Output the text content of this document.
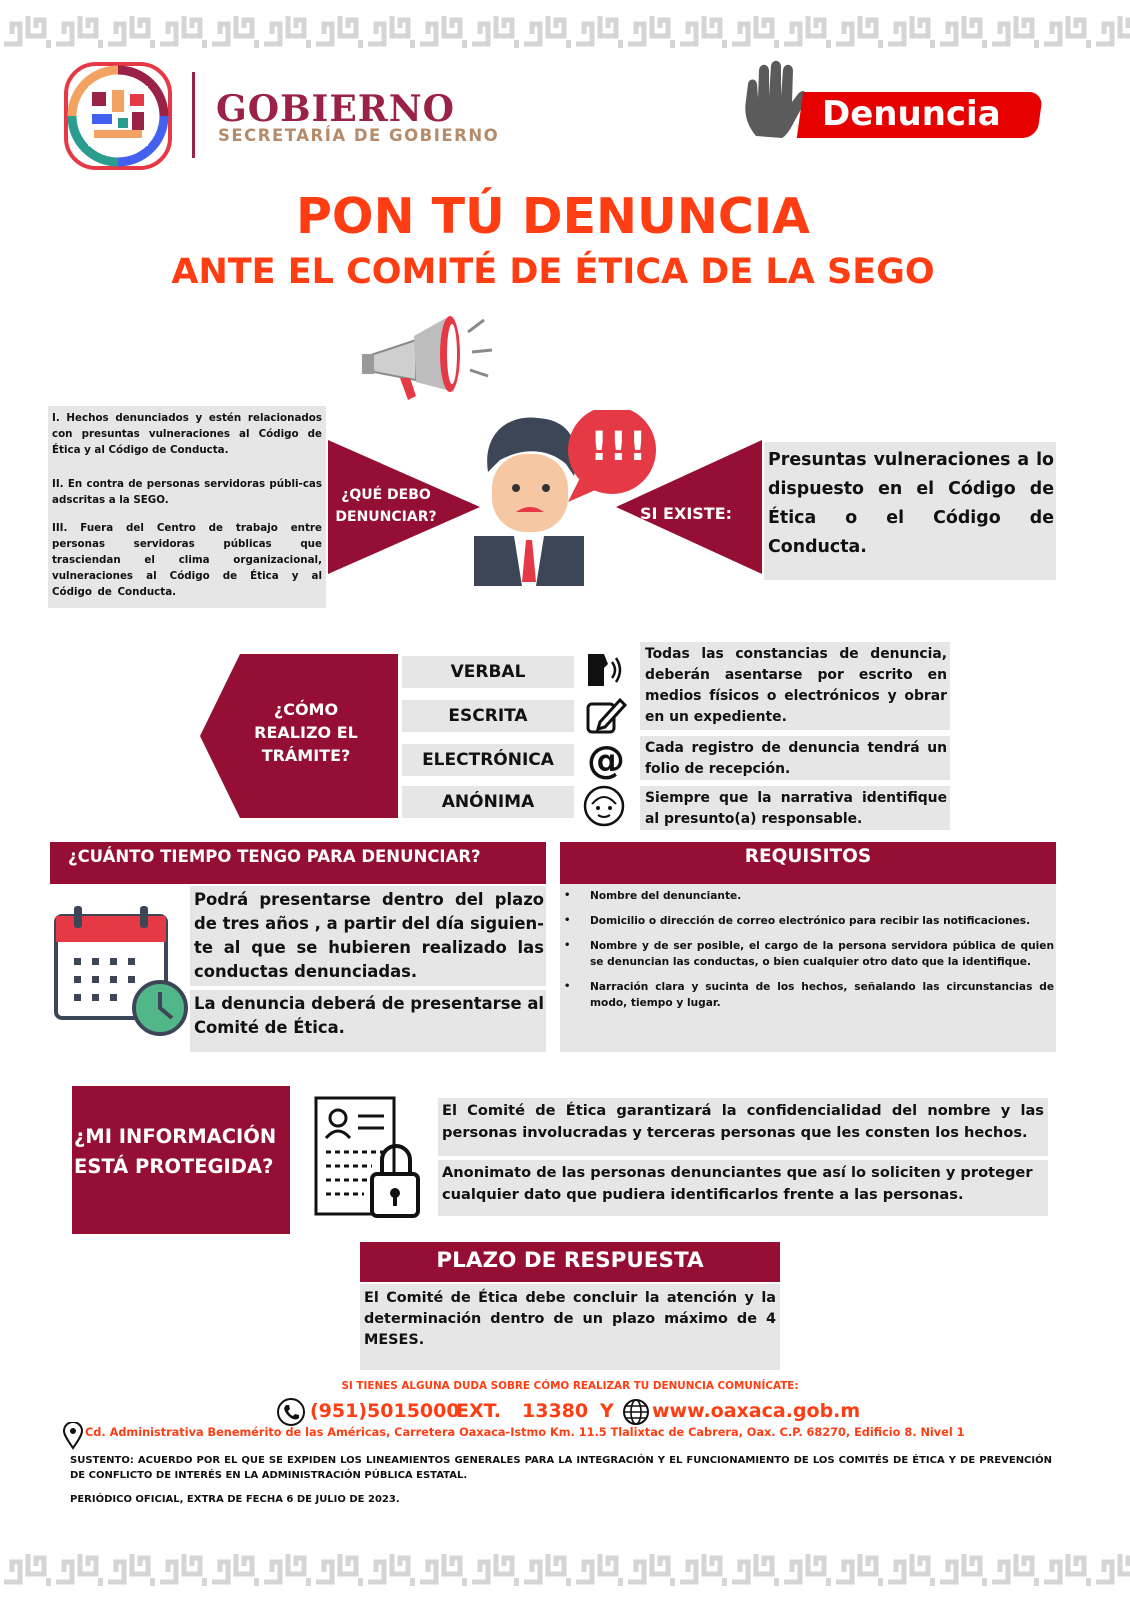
GOBIERNO
SECRETARÍA DE GOBIERNO
Denuncia
PON TÚ DENUNCIA
ANTE EL COMITÉ DE ÉTICA DE LA SEGO
I. Hechos denunciados y estén relacionados con presuntas vulneraciones al Código de Ética y al Código de Conducta.
II. En contra de personas servidoras públi-cas adscritas a la SEGO.
III. Fuera del Centro de trabajo entre personas servidoras públicas que trasciendan el clima organizacional, vulneraciones al Código de Ética y al Código de Conducta.
¿QUÉ DEBO DENUNCIAR?
!!!
SI EXISTE:
Presuntas vulneraciones a lo dispuesto en el Código de Ética o el Código de Conducta.
¿CÓMO REALIZO EL TRÁMITE?
VERBAL
ESCRITA
ELECTRÓNICA
ANÓNIMA
@
Todas las constancias de denuncia, deberán asentarse por escrito en medios físicos o electrónicos y obrar en un expediente.
Cada registro de denuncia tendrá un folio de recepción.
Siempre que la narrativa identifique al presunto(a) responsable.
¿CUÁNTO TIEMPO TENGO PARA DENUNCIAR?
Podrá presentarse dentro del plazo de tres años , a partir del día siguien-te al que se hubieren realizado las conductas denunciadas.
La denuncia deberá de presentarse al Comité de Ética.
REQUISITOS
• Nombre del denunciante.
• Domicilio o dirección de correo electrónico para recibir las notificaciones.
• Nombre y de ser posible, el cargo de la persona servidora pública de quien se denuncian las conductas, o bien cualquier otro dato que la identifique.
• Narración clara y sucinta de los hechos, señalando las circunstancias de modo, tiempo y lugar.
¿MI INFORMACIÓN ESTÁ PROTEGIDA?
El Comité de Ética garantizará la confidencialidad del nombre y las personas involucradas y terceras personas que les consten los hechos.
Anonimato de las personas denunciantes que así lo soliciten y proteger cualquier dato que pudiera identificarlos frente a las personas.
PLAZO DE RESPUESTA
El Comité de Ética debe concluir la atención y la determinación dentro de un plazo máximo de 4 MESES.
SI TIENES ALGUNA DUDA SOBRE CÓMO REALIZAR TU DENUNCIA COMUNÍCATE:
(951)5015000
EXT. 13380 Y www.oaxaca.gob.m
Cd. Administrativa Benemérito de las Américas, Carretera Oaxaca-Istmo Km. 11.5 Tlalixtac de Cabrera, Oax. C.P. 68270, Edificio 8. Nivel 1
SUSTENTO: ACUERDO POR EL QUE SE EXPIDEN LOS LINEAMIENTOS GENERALES PARA LA INTEGRACIÓN Y EL FUNCIONAMIENTO DE LOS COMITÉS DE ÉTICA Y DE PREVENCIÓN DE CONFLICTO DE INTERÉS EN LA ADMINISTRACIÓN PÚBLICA ESTATAL.
PERIÓDICO OFICIAL, EXTRA DE FECHA 6 DE JULIO DE 2023.
